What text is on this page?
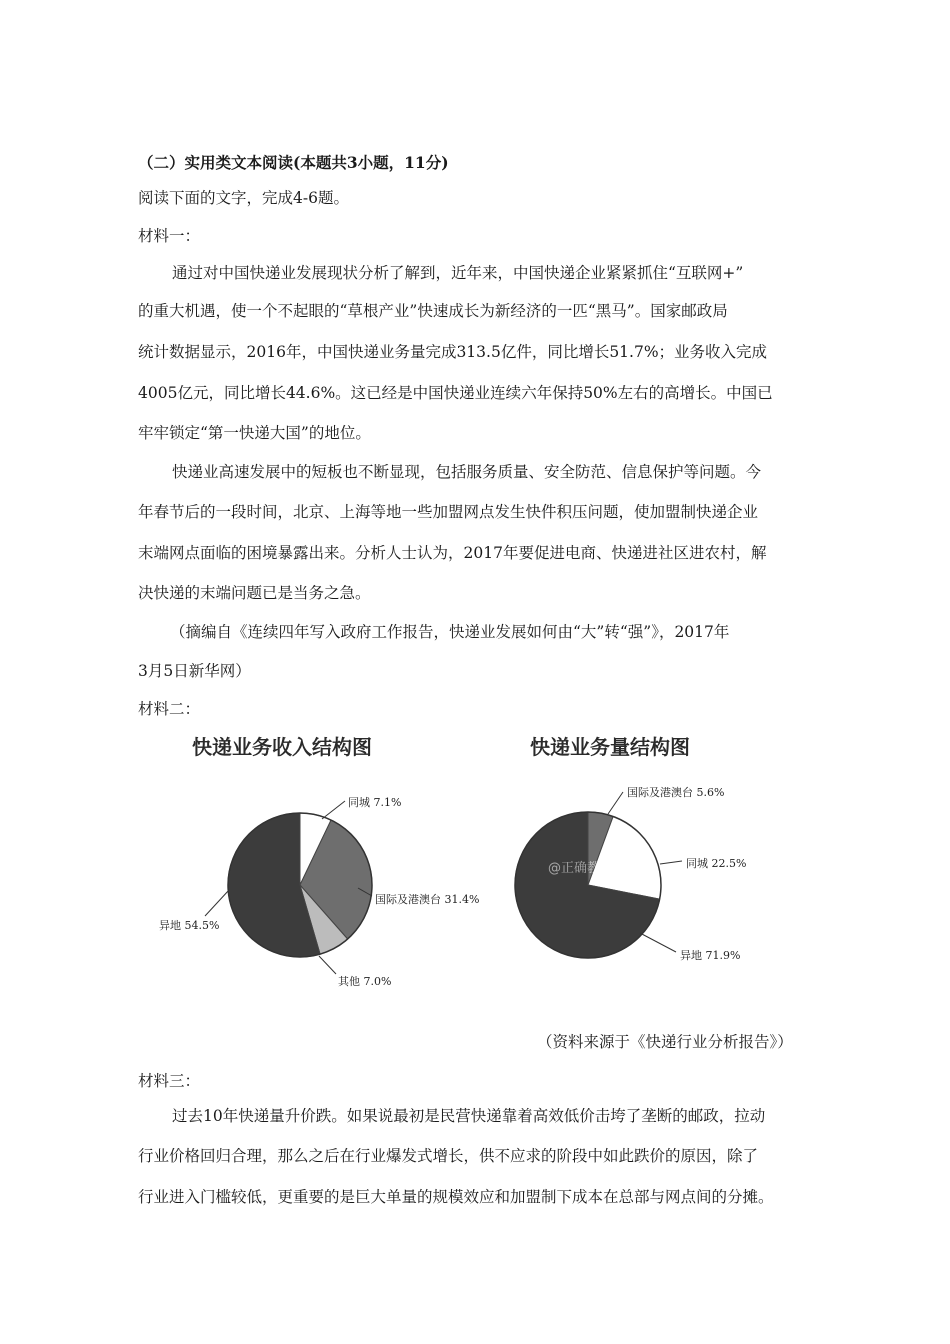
（二）实用类文本阅读(本题共3小题，11分)
阅读下面的文字，完成4-6题。
材料一：
通过对中国快递业发展现状分析了解到，近年来，中国快递企业紧紧抓住“互联网+”
的重大机遇，使一个不起眼的“草根产业”快速成长为新经济的一匹“黑马”。国家邮政局
统计数据显示，2016年，中国快递业务量完成313.5亿件，同比增长51.7%；业务收入完成
4005亿元，同比增长44.6%。这已经是中国快递业连续六年保持50%左右的高增长。中国已
牢牢锁定“第一快递大国”的地位。
快递业高速发展中的短板也不断显现，包括服务质量、安全防范、信息保护等问题。今
年春节后的一段时间，北京、上海等地一些加盟网点发生快件积压问题，使加盟制快递企业
末端网点面临的困境暴露出来。分析人士认为，2017年要促进电商、快递进社区进农村，解
决快递的末端问题已是当务之急。
（摘编自《连续四年写入政府工作报告，快递业发展如何由“大”转“强”》，2017年
3月5日新华网）
材料二：
快递业务收入结构图	快递业务量结构图
同城 7.1%
国际及港澳台 31.4%
其他 7.0%
异地 54.5%
国际及港澳台 5.6%
同城 22.5%
异地 71.9%
@正确教育
（资料来源于《快递行业分析报告》）
材料三：
过去10年快递量升价跌。如果说最初是民营快递靠着高效低价击垮了垄断的邮政，拉动
行业价格回归合理，那么之后在行业爆发式增长，供不应求的阶段中如此跌价的原因，除了
行业进入门槛较低，更重要的是巨大单量的规模效应和加盟制下成本在总部与网点间的分摊。
